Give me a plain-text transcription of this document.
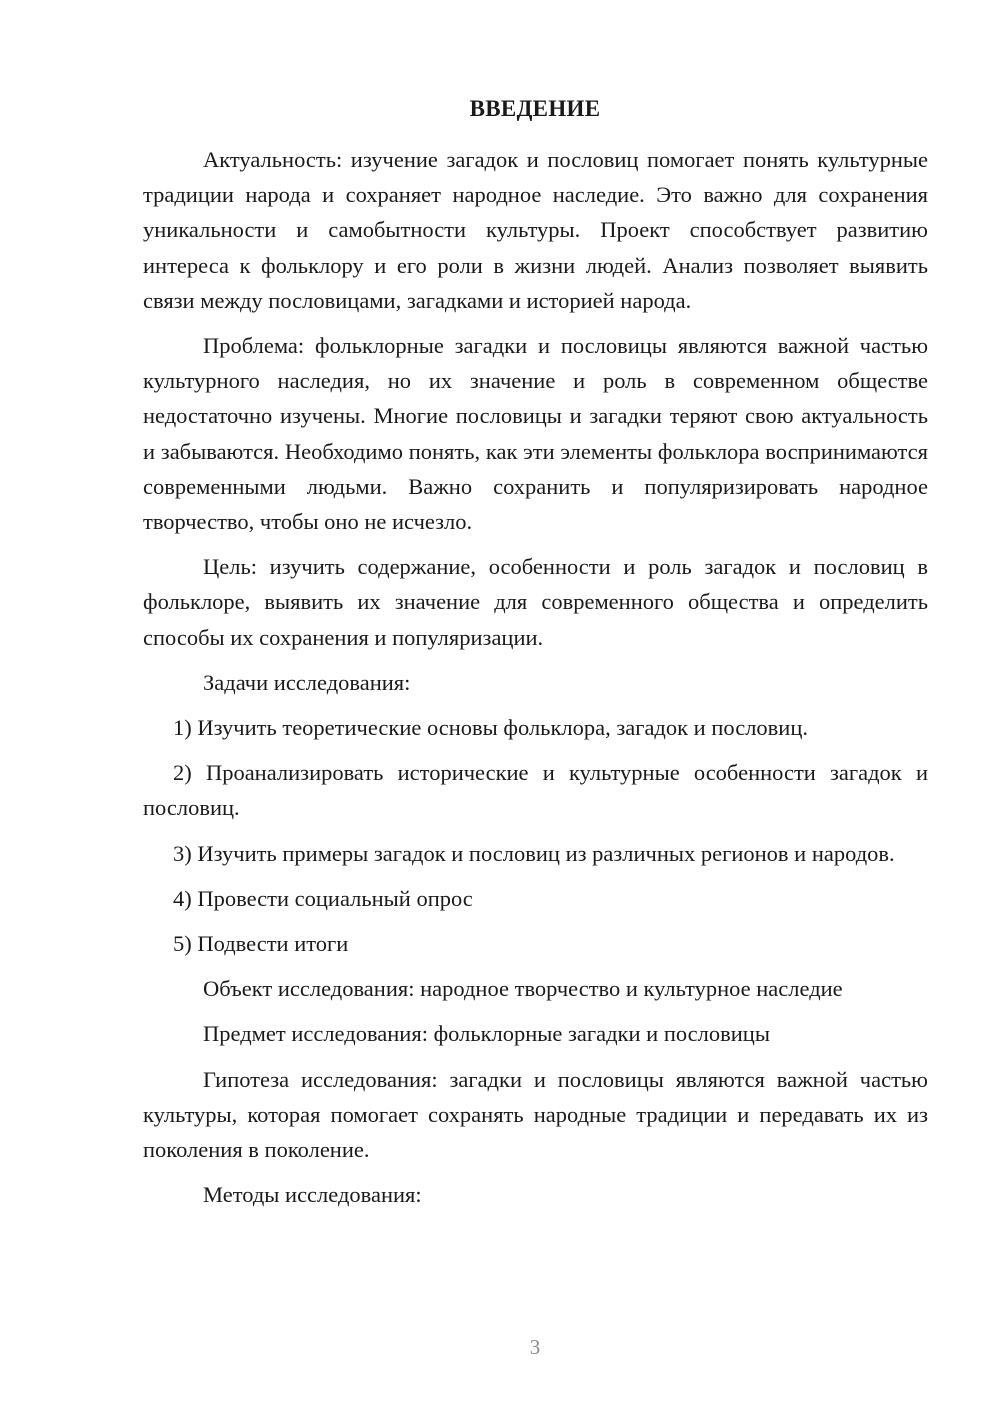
ВВЕДЕНИЕ

Актуальность: изучение загадок и пословиц помогает понять культурные традиции народа и сохраняет народное наследие. Это важно для сохранения уникальности и самобытности культуры. Проект способствует развитию интереса к фольклору и его роли в жизни людей. Анализ позволяет выявить связи между пословицами, загадками и историей народа.

Проблема: фольклорные загадки и пословицы являются важной частью культурного наследия, но их значение и роль в современном обществе недостаточно изучены. Многие пословицы и загадки теряют свою актуальность и забываются. Необходимо понять, как эти элементы фольклора воспринимаются современными людьми. Важно сохранить и популяризировать народное творчество, чтобы оно не исчезло.

Цель: изучить содержание, особенности и роль загадок и пословиц в фольклоре, выявить их значение для современного общества и определить способы их сохранения и популяризации.

Задачи исследования:

1) Изучить теоретические основы фольклора, загадок и пословиц.

2) Проанализировать исторические и культурные особенности загадок и пословиц.

3) Изучить примеры загадок и пословиц из различных регионов и народов.

4) Провести социальный опрос

5) Подвести итоги

Объект исследования: народное творчество и культурное наследие

Предмет исследования: фольклорные загадки и пословицы

Гипотеза исследования: загадки и пословицы являются важной частью культуры, которая помогает сохранять народные традиции и передавать их из поколения в поколение.

Методы исследования:

3
